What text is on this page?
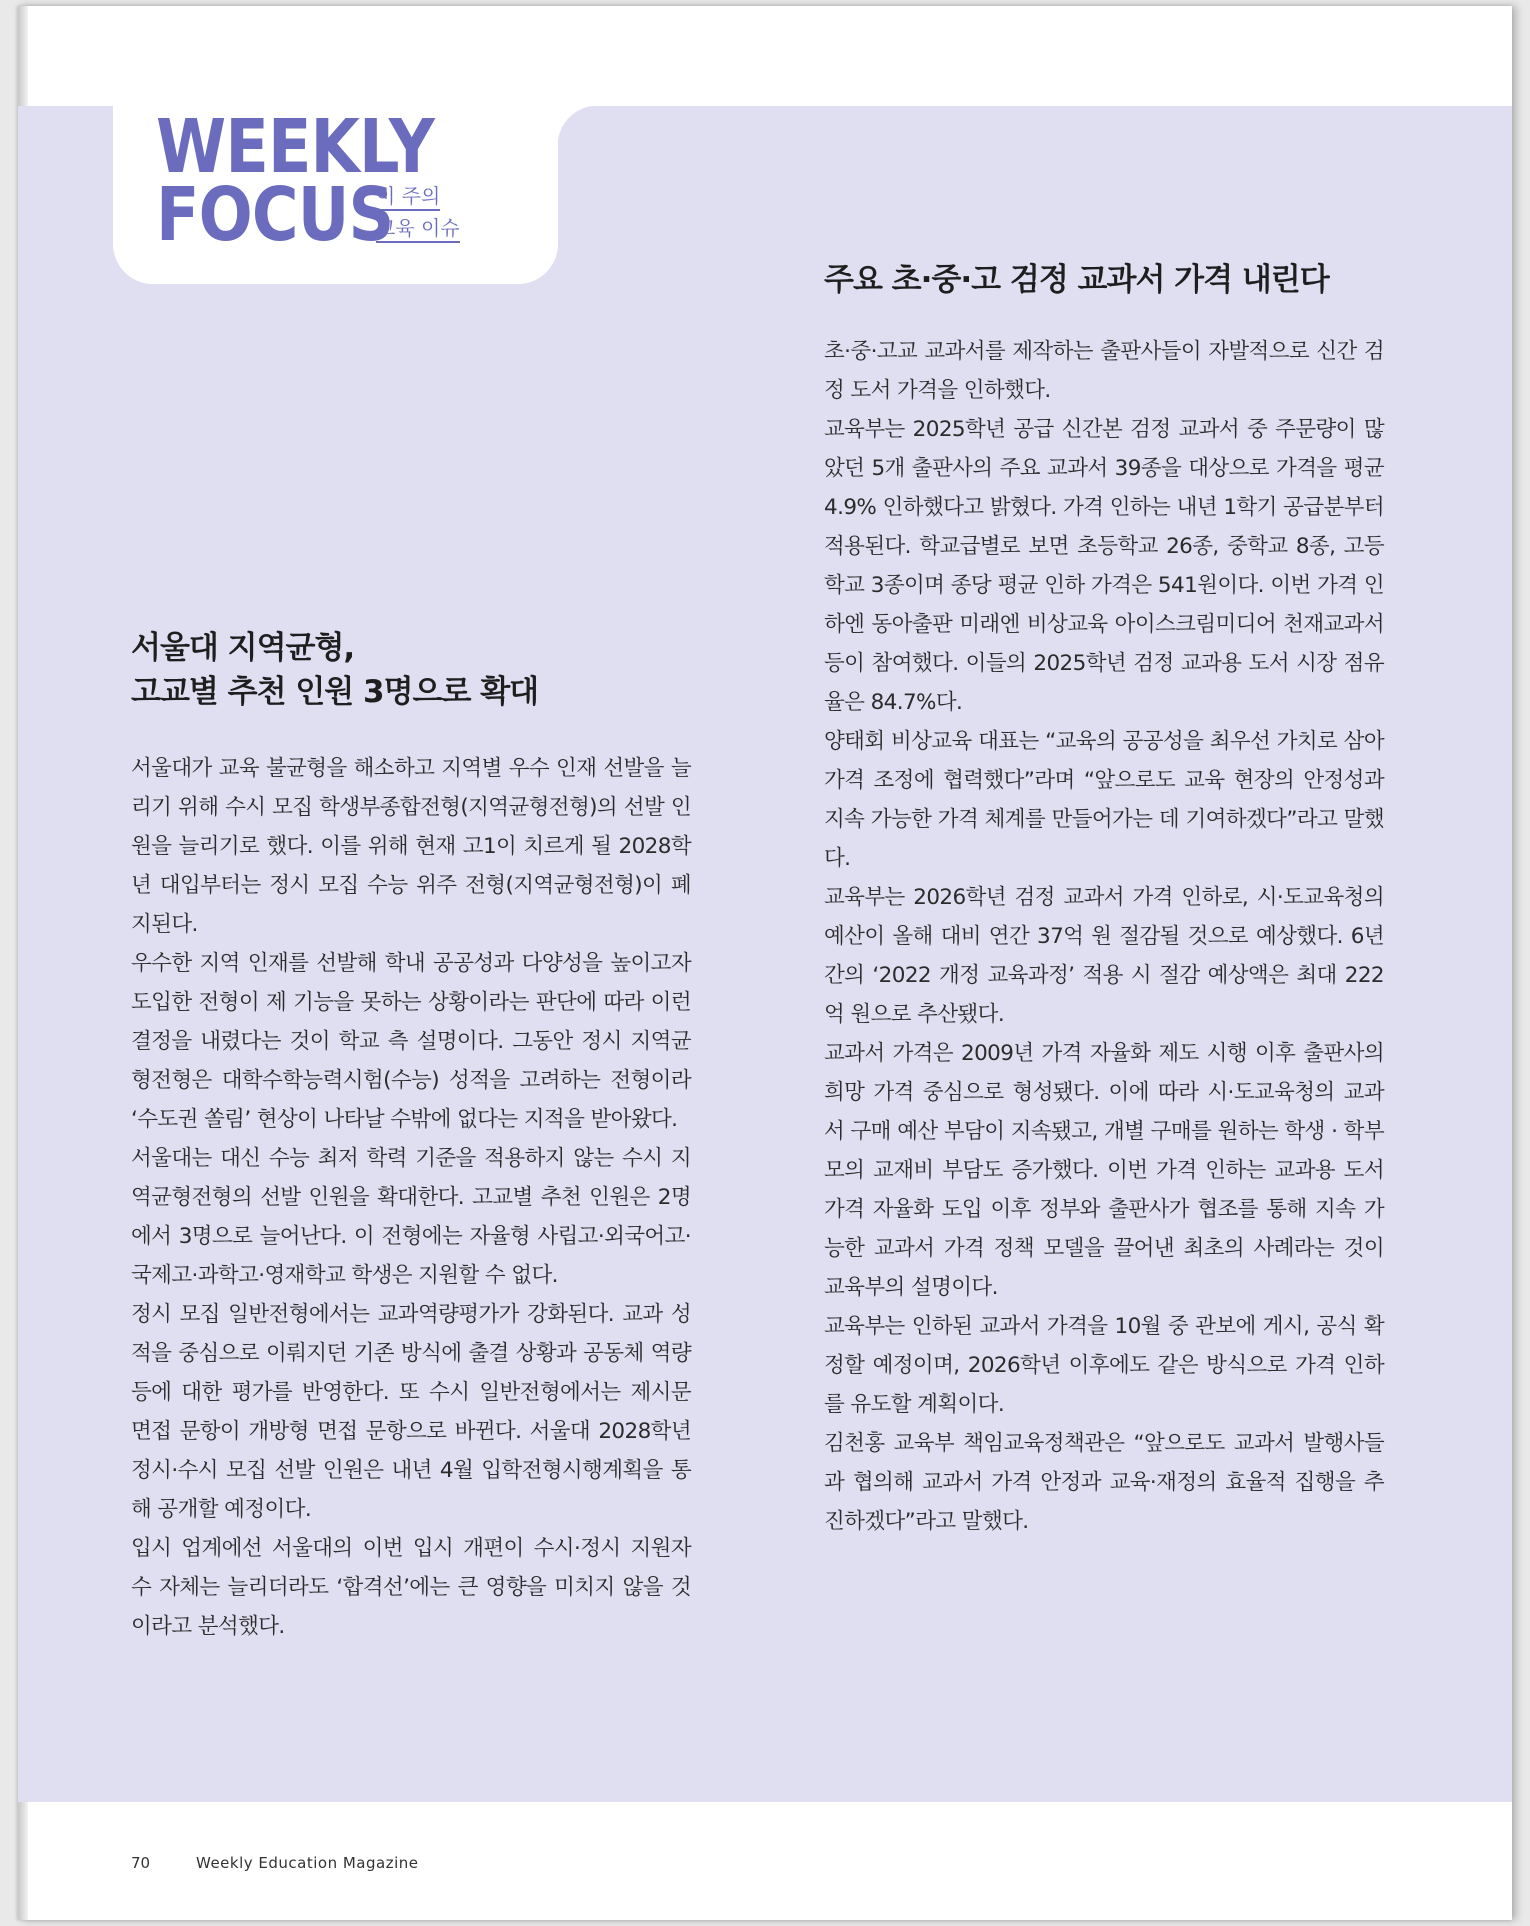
WEEKLY
FOCUS
이 주의
교육 이슈
서울대 지역균형,
고교별 추천 인원 3명으로 확대

서울대가 교육 불균형을 해소하고 지역별 우수 인재 선발을 늘리기 위해 수시 모집 학생부종합전형(지역균형전형)의 선발 인원을 늘리기로 했다. 이를 위해 현재 고1이 치르게 될 2028학년 대입부터는 정시 모집 수능 위주 전형(지역균형전형)이 폐지된다.

우수한 지역 인재를 선발해 학내 공공성과 다양성을 높이고자 도입한 전형이 제 기능을 못하는 상황이라는 판단에 따라 이런 결정을 내렸다는 것이 학교 측 설명이다. 그동안 정시 지역균형전형은 대학수학능력시험(수능) 성적을 고려하는 전형이라 ‘수도권 쏠림’ 현상이 나타날 수밖에 없다는 지적을 받아왔다.

서울대는 대신 수능 최저 학력 기준을 적용하지 않는 수시 지역균형전형의 선발 인원을 확대한다. 고교별 추천 인원은 2명에서 3명으로 늘어난다. 이 전형에는 자율형 사립고·외국어고·국제고·과학고·영재학교 학생은 지원할 수 없다.

정시 모집 일반전형에서는 교과역량평가가 강화된다. 교과 성적을 중심으로 이뤄지던 기존 방식에 출결 상황과 공동체 역량 등에 대한 평가를 반영한다. 또 수시 일반전형에서는 제시문 면접 문항이 개방형 면접 문항으로 바뀐다. 서울대 2028학년 정시·수시 모집 선발 인원은 내년 4월 입학전형시행계획을 통해 공개할 예정이다.

입시 업계에선 서울대의 이번 입시 개편이 수시·정시 지원자 수 자체는 늘리더라도 ‘합격선’에는 큰 영향을 미치지 않을 것이라고 분석했다.

주요 초·중·고 검정 교과서 가격 내린다

초·중·고교 교과서를 제작하는 출판사들이 자발적으로 신간 검정 도서 가격을 인하했다.

교육부는 2025학년 공급 신간본 검정 교과서 중 주문량이 많았던 5개 출판사의 주요 교과서 39종을 대상으로 가격을 평균 4.9% 인하했다고 밝혔다. 가격 인하는 내년 1학기 공급분부터 적용된다. 학교급별로 보면 초등학교 26종, 중학교 8종, 고등학교 3종이며 종당 평균 인하 가격은 541원이다. 이번 가격 인하엔 동아출판 미래엔 비상교육 아이스크림미디어 천재교과서 등이 참여했다. 이들의 2025학년 검정 교과용 도서 시장 점유율은 84.7%다.

양태회 비상교육 대표는 “교육의 공공성을 최우선 가치로 삼아 가격 조정에 협력했다”라며 “앞으로도 교육 현장의 안정성과 지속 가능한 가격 체계를 만들어가는 데 기여하겠다”라고 말했다.

교육부는 2026학년 검정 교과서 가격 인하로, 시·도교육청의 예산이 올해 대비 연간 37억 원 절감될 것으로 예상했다. 6년간의 ‘2022 개정 교육과정’ 적용 시 절감 예상액은 최대 222억 원으로 추산됐다.

교과서 가격은 2009년 가격 자율화 제도 시행 이후 출판사의 희망 가격 중심으로 형성됐다. 이에 따라 시·도교육청의 교과서 구매 예산 부담이 지속됐고, 개별 구매를 원하는 학생 · 학부모의 교재비 부담도 증가했다. 이번 가격 인하는 교과용 도서 가격 자율화 도입 이후 정부와 출판사가 협조를 통해 지속 가능한 교과서 가격 정책 모델을 끌어낸 최초의 사례라는 것이 교육부의 설명이다.

교육부는 인하된 교과서 가격을 10월 중 관보에 게시, 공식 확정할 예정이며, 2026학년 이후에도 같은 방식으로 가격 인하를 유도할 계획이다.

김천홍 교육부 책임교육정책관은 “앞으로도 교과서 발행사들과 협의해 교과서 가격 안정과 교육·재정의 효율적 집행을 추진하겠다”라고 말했다.

70	Weekly Education Magazine
